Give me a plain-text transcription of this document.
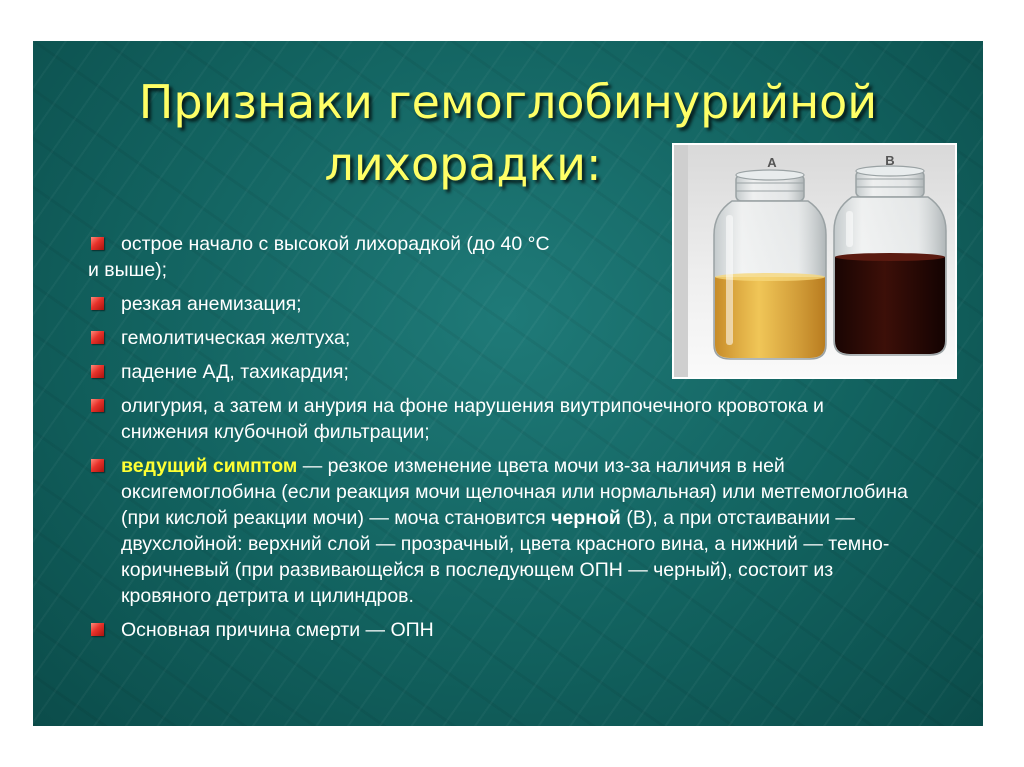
Признаки гемоглобинурийной
лихорадки:	A	B
острое начало с высокой лихорадкой (до 40 °С
и выше);
резкая анемизация;
гемолитическая желтуха;
падение АД, тахикардия;
олигурия, а затем и анурия на фоне нарушения виутрипочечного кровотока и снижения клубочной фильтрации;
ведущий симптом — резкое изменение цвета мочи из-за наличия в ней оксигемоглобина (если реакция мочи щелочная или нормальная) или метгемоглобина (при кислой реакции мочи) — моча становится черной (В), а при отстаивании — двухслойной: верхний слой — прозрачный, цвета красного вина, а нижний — темно-коричневый (при развивающейся в последующем ОПН — черный), состоит из кровяного детрита и цилиндров.
Основная причина смерти — ОПН
